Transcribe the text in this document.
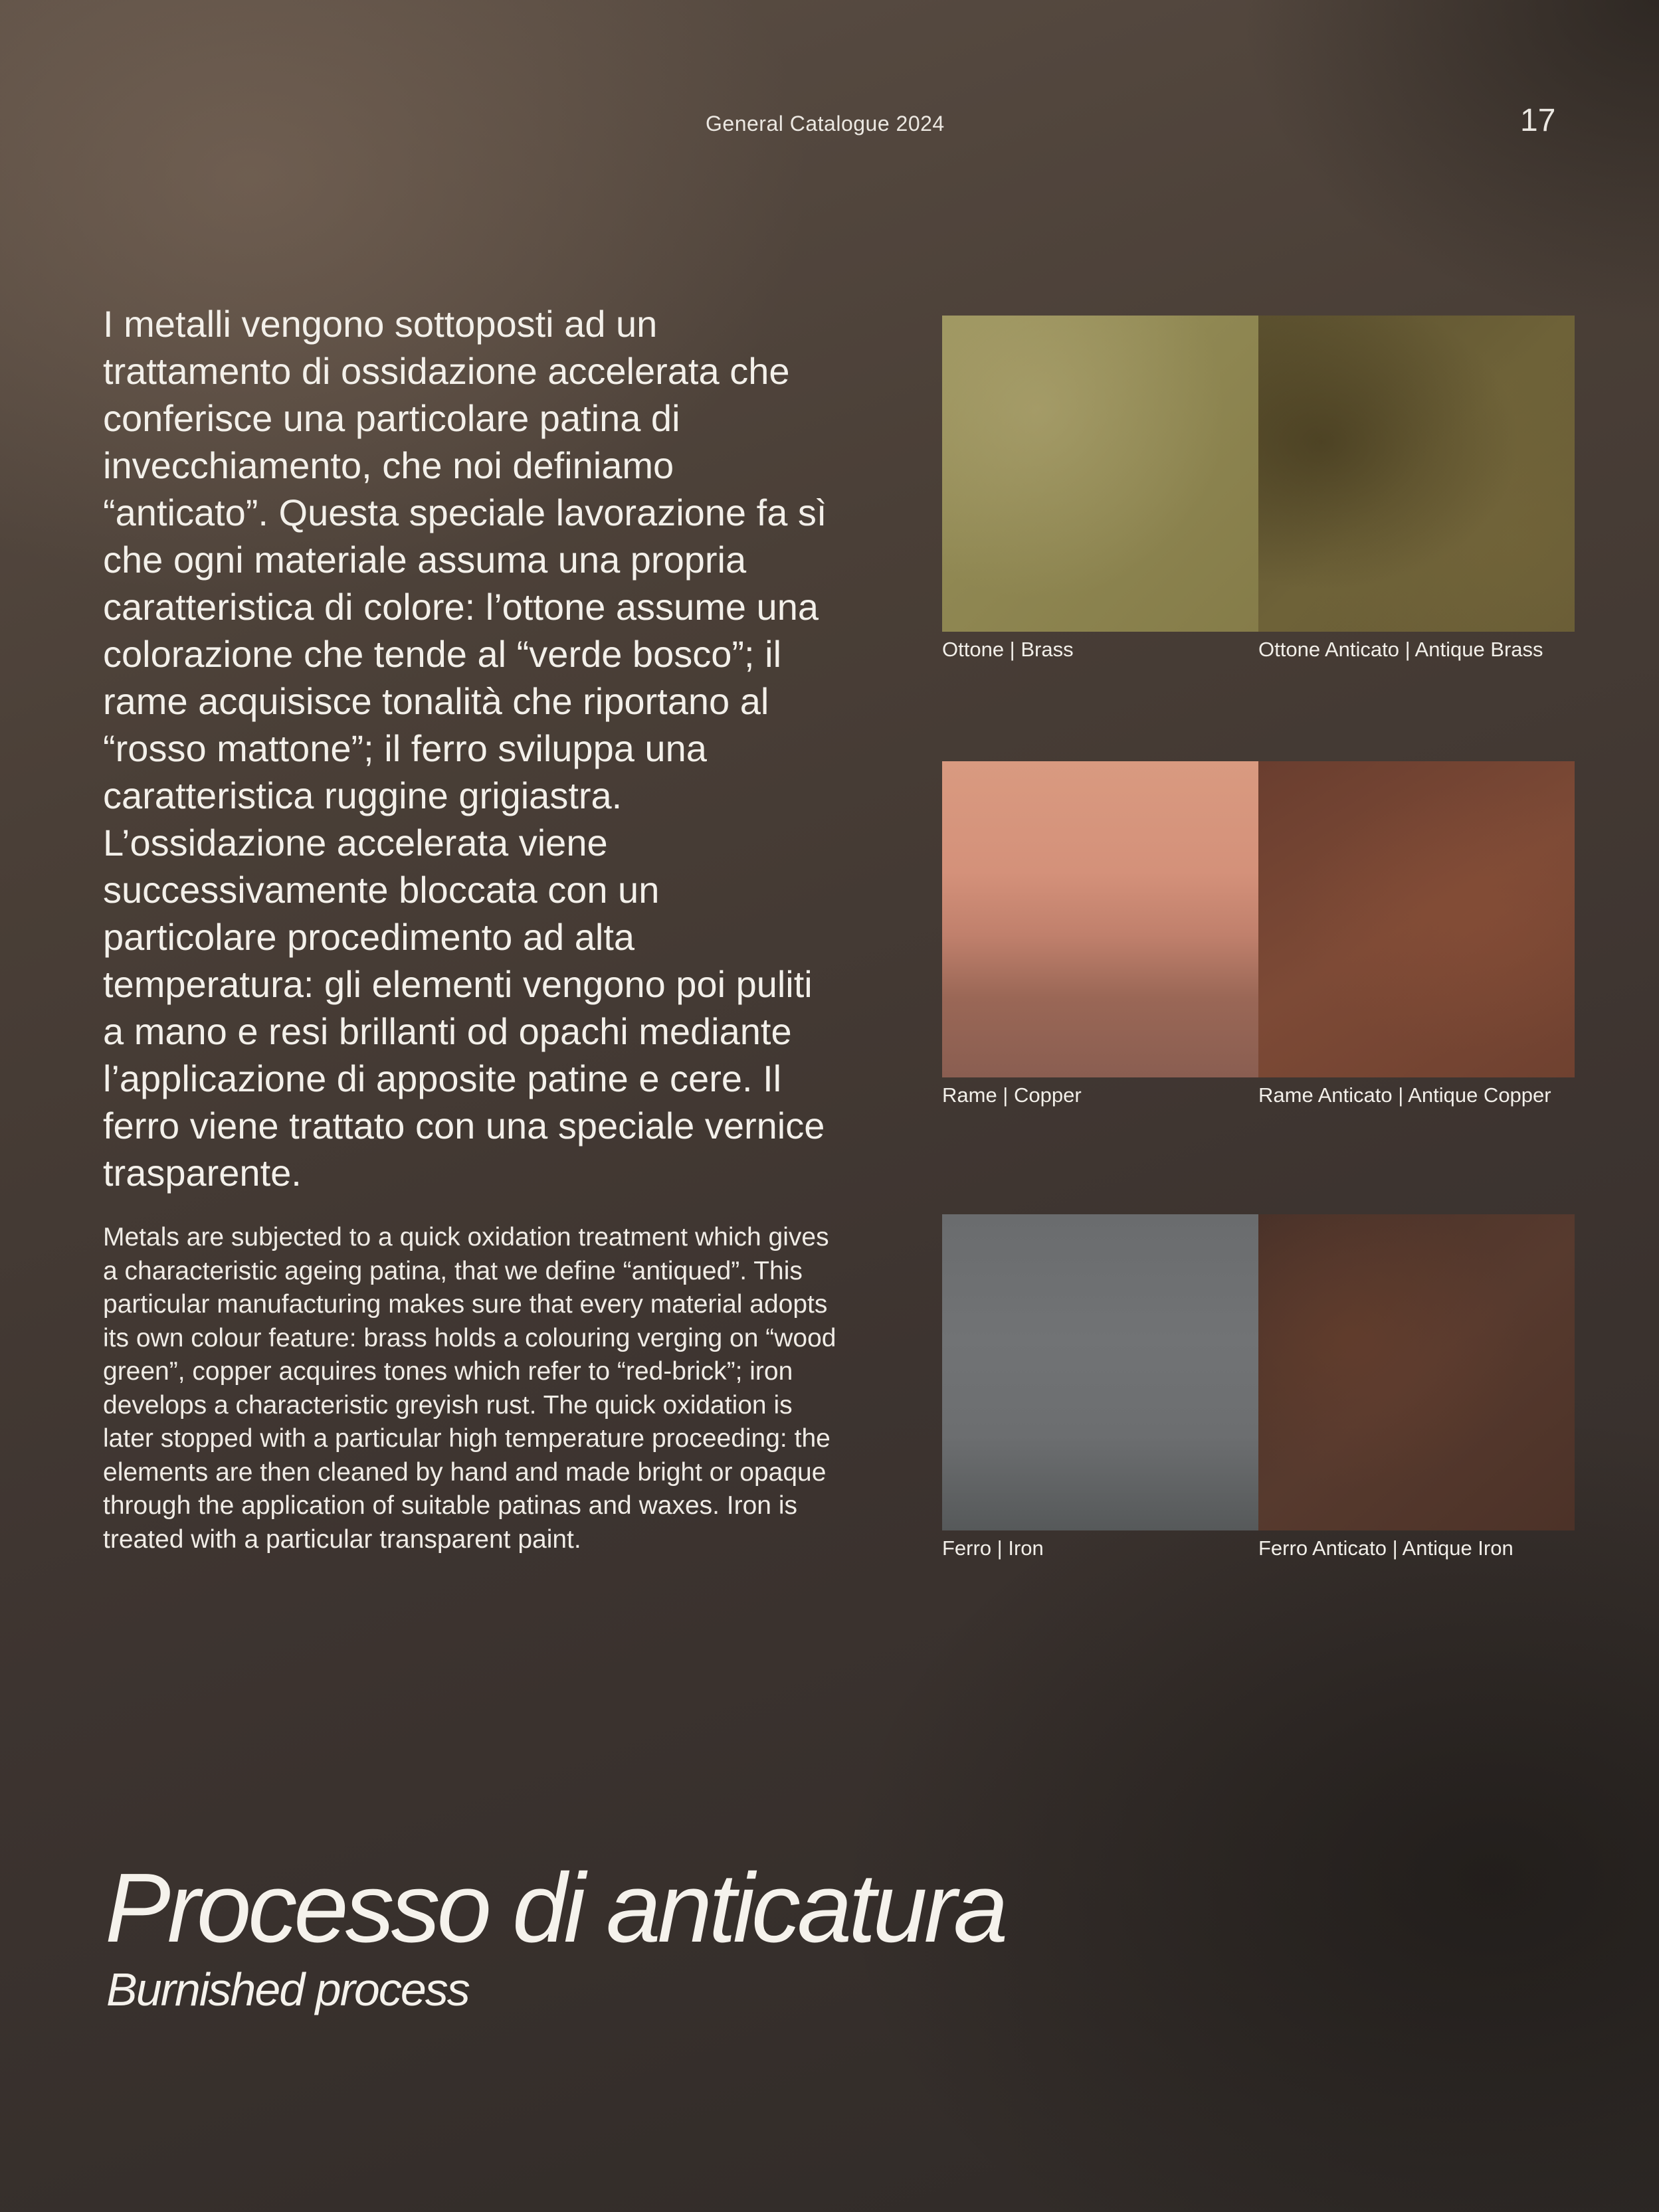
General Catalogue 2024	17

I metalli vengono sottoposti ad un trattamento di ossidazione accelerata che conferisce una particolare patina di invecchiamento, che noi definiamo “anticato”. Questa speciale lavorazione fa sì che ogni materiale assuma una propria caratteristica di colore: l’ottone assume una colorazione che tende al “verde bosco”; il rame acquisisce tonalità che riportano al “rosso mattone”; il ferro sviluppa una caratteristica ruggine grigiastra. L’ossidazione accelerata viene successivamente bloccata con un particolare procedimento ad alta temperatura: gli elementi vengono poi puliti a mano e resi brillanti od opachi mediante l’applicazione di apposite patine e cere. Il ferro viene trattato con una speciale vernice trasparente.

Metals are subjected to a quick oxidation treatment which gives a characteristic ageing patina, that we define “antiqued”. This particular manufacturing makes sure that every material adopts its own colour feature: brass holds a colouring verging on “wood green”, copper acquires tones which refer to “red-brick”; iron develops a characteristic greyish rust. The quick oxidation is later stopped with a particular high temperature proceeding: the elements are then cleaned by hand and made bright or opaque through the application of suitable patinas and waxes. Iron is treated with a particular transparent paint.

Ottone | Brass	Ottone Anticato | Antique Brass
Rame | Copper	Rame Anticato | Antique Copper
Ferro | Iron	Ferro Anticato | Antique Iron
Processo di anticatura
Burnished process
